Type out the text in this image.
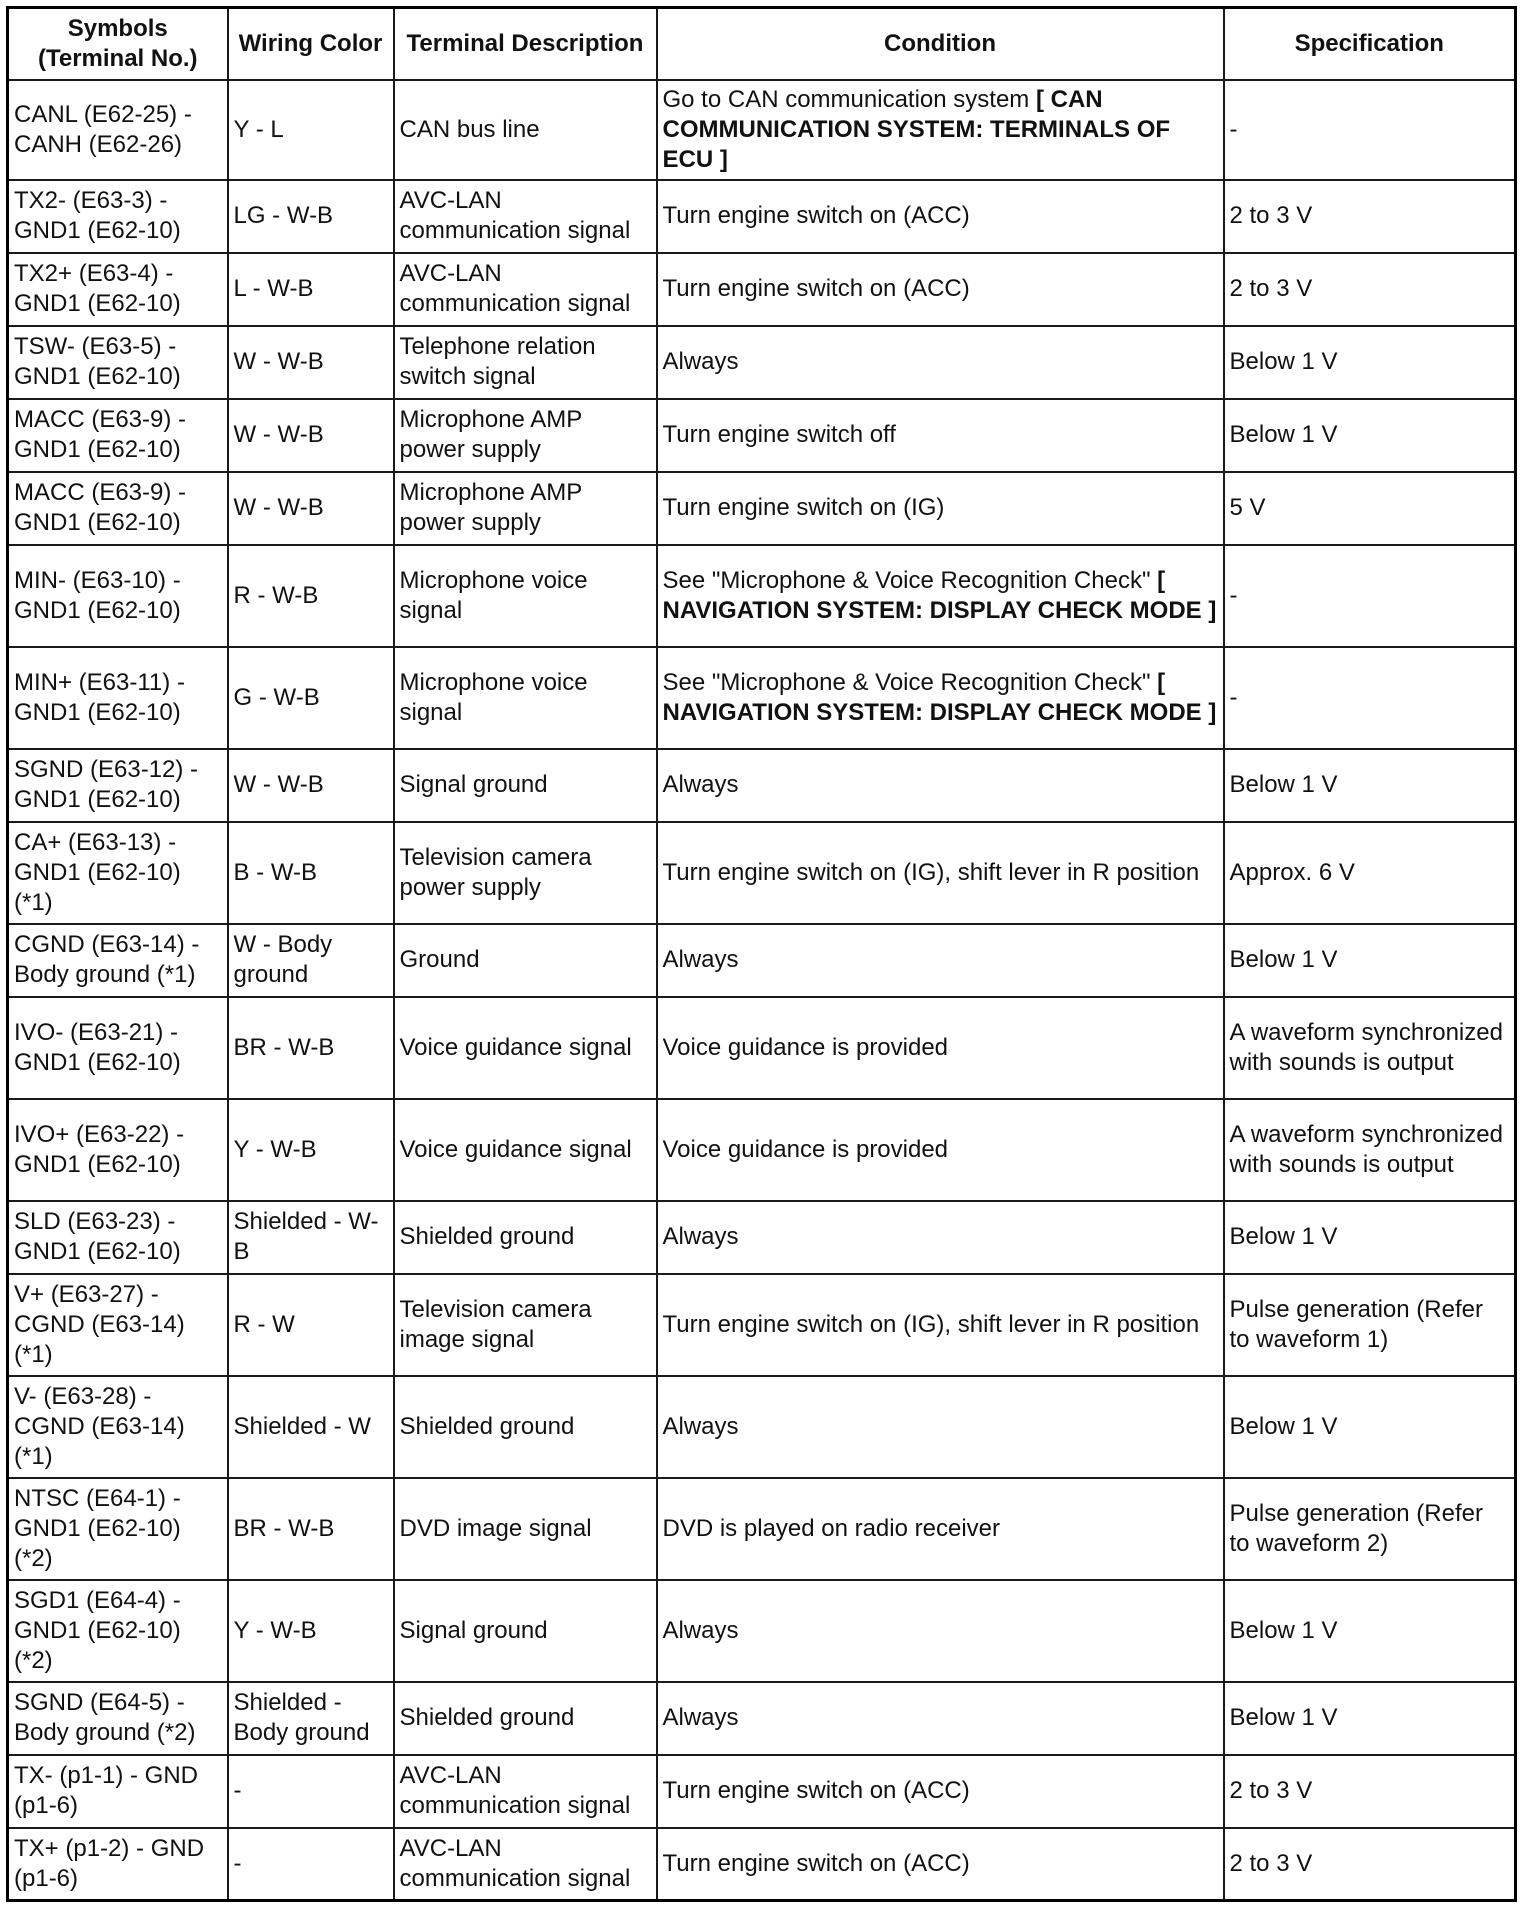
Symbols (Terminal No.)	Wiring Color	Terminal Description	Condition	Specification
CANL (E62-25) - CANH (E62-26)	Y - L	CAN bus line	Go to CAN communication system [ CAN COMMUNICATION SYSTEM: TERMINALS OF ECU ]	-
TX2- (E63-3) - GND1 (E62-10)	LG - W-B	AVC-LAN communication signal	Turn engine switch on (ACC)	2 to 3 V
TX2+ (E63-4) - GND1 (E62-10)	L - W-B	AVC-LAN communication signal	Turn engine switch on (ACC)	2 to 3 V
TSW- (E63-5) - GND1 (E62-10)	W - W-B	Telephone relation switch signal	Always	Below 1 V
MACC (E63-9) - GND1 (E62-10)	W - W-B	Microphone AMP power supply	Turn engine switch off	Below 1 V
MACC (E63-9) - GND1 (E62-10)	W - W-B	Microphone AMP power supply	Turn engine switch on (IG)	5 V
MIN- (E63-10) - GND1 (E62-10)	R - W-B	Microphone voice signal	See "Microphone & Voice Recognition Check" [ NAVIGATION SYSTEM: DISPLAY CHECK MODE ]	-
MIN+ (E63-11) - GND1 (E62-10)	G - W-B	Microphone voice signal	See "Microphone & Voice Recognition Check" [ NAVIGATION SYSTEM: DISPLAY CHECK MODE ]	-
SGND (E63-12) - GND1 (E62-10)	W - W-B	Signal ground	Always	Below 1 V
CA+ (E63-13) - GND1 (E62-10) (*1)	B - W-B	Television camera power supply	Turn engine switch on (IG), shift lever in R position	Approx. 6 V
CGND (E63-14) - Body ground (*1)	W - Body ground	Ground	Always	Below 1 V
IVO- (E63-21) - GND1 (E62-10)	BR - W-B	Voice guidance signal	Voice guidance is provided	A waveform synchronized with sounds is output
IVO+ (E63-22) - GND1 (E62-10)	Y - W-B	Voice guidance signal	Voice guidance is provided	A waveform synchronized with sounds is output
SLD (E63-23) - GND1 (E62-10)	Shielded - W-B	Shielded ground	Always	Below 1 V
V+ (E63-27) - CGND (E63-14) (*1)	R - W	Television camera image signal	Turn engine switch on (IG), shift lever in R position	Pulse generation (Refer to waveform 1)
V- (E63-28) - CGND (E63-14) (*1)	Shielded - W	Shielded ground	Always	Below 1 V
NTSC (E64-1) - GND1 (E62-10) (*2)	BR - W-B	DVD image signal	DVD is played on radio receiver	Pulse generation (Refer to waveform 2)
SGD1 (E64-4) - GND1 (E62-10) (*2)	Y - W-B	Signal ground	Always	Below 1 V
SGND (E64-5) - Body ground (*2)	Shielded - Body ground	Shielded ground	Always	Below 1 V
TX- (p1-1) - GND (p1-6)	-	AVC-LAN communication signal	Turn engine switch on (ACC)	2 to 3 V
TX+ (p1-2) - GND (p1-6)	-	AVC-LAN communication signal	Turn engine switch on (ACC)	2 to 3 V
